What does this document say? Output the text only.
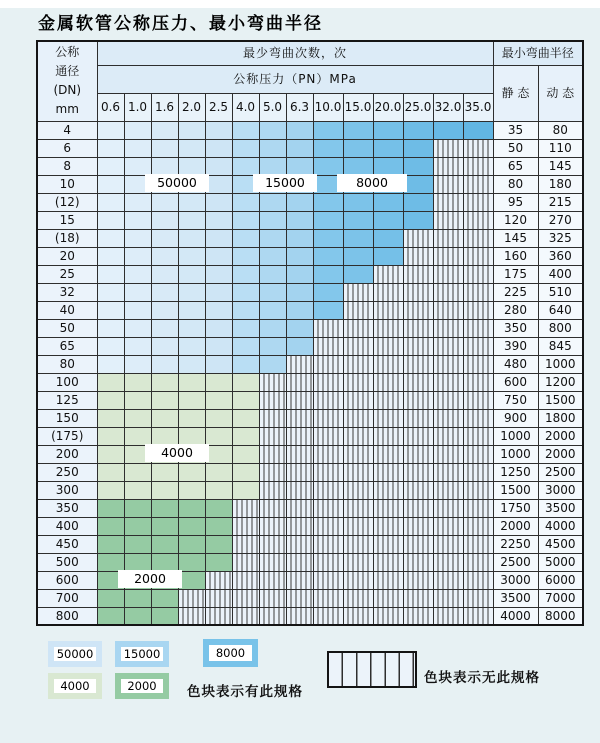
金属软管公称压力、最小弯曲半径
公称
通径
(DN)
mm	最少弯曲次数，次														最小弯曲半径	
	公称压力（PN）MPa														静 态	动 态
	0.6	1.0	1.6	2.0	2.5	4.0	5.0	6.3	10.0	15.0	20.0	25.0	32.0	35.0		
4															35	80
6															50	110
8															65	145
10															80	180
(12)															95	215
15															120	270
(18)															145	325
20															160	360
25															175	400
32															225	510
40															280	640
50															350	800
65															390	845
80															480	1000
100															600	1200
125															750	1500
150															900	1800
(175)															1000	2000
200															1000	2000
250															1250	2500
300															1500	3000
350															1750	3500
400															2000	4000
450															2250	4500
500															2500	5000
600															3000	6000
700															3500	7000
800															4000	8000
50000	15000	8000
4000
2000
50000	15000	8000
4000	2000 色块表示有此规格
色块表示无此规格
